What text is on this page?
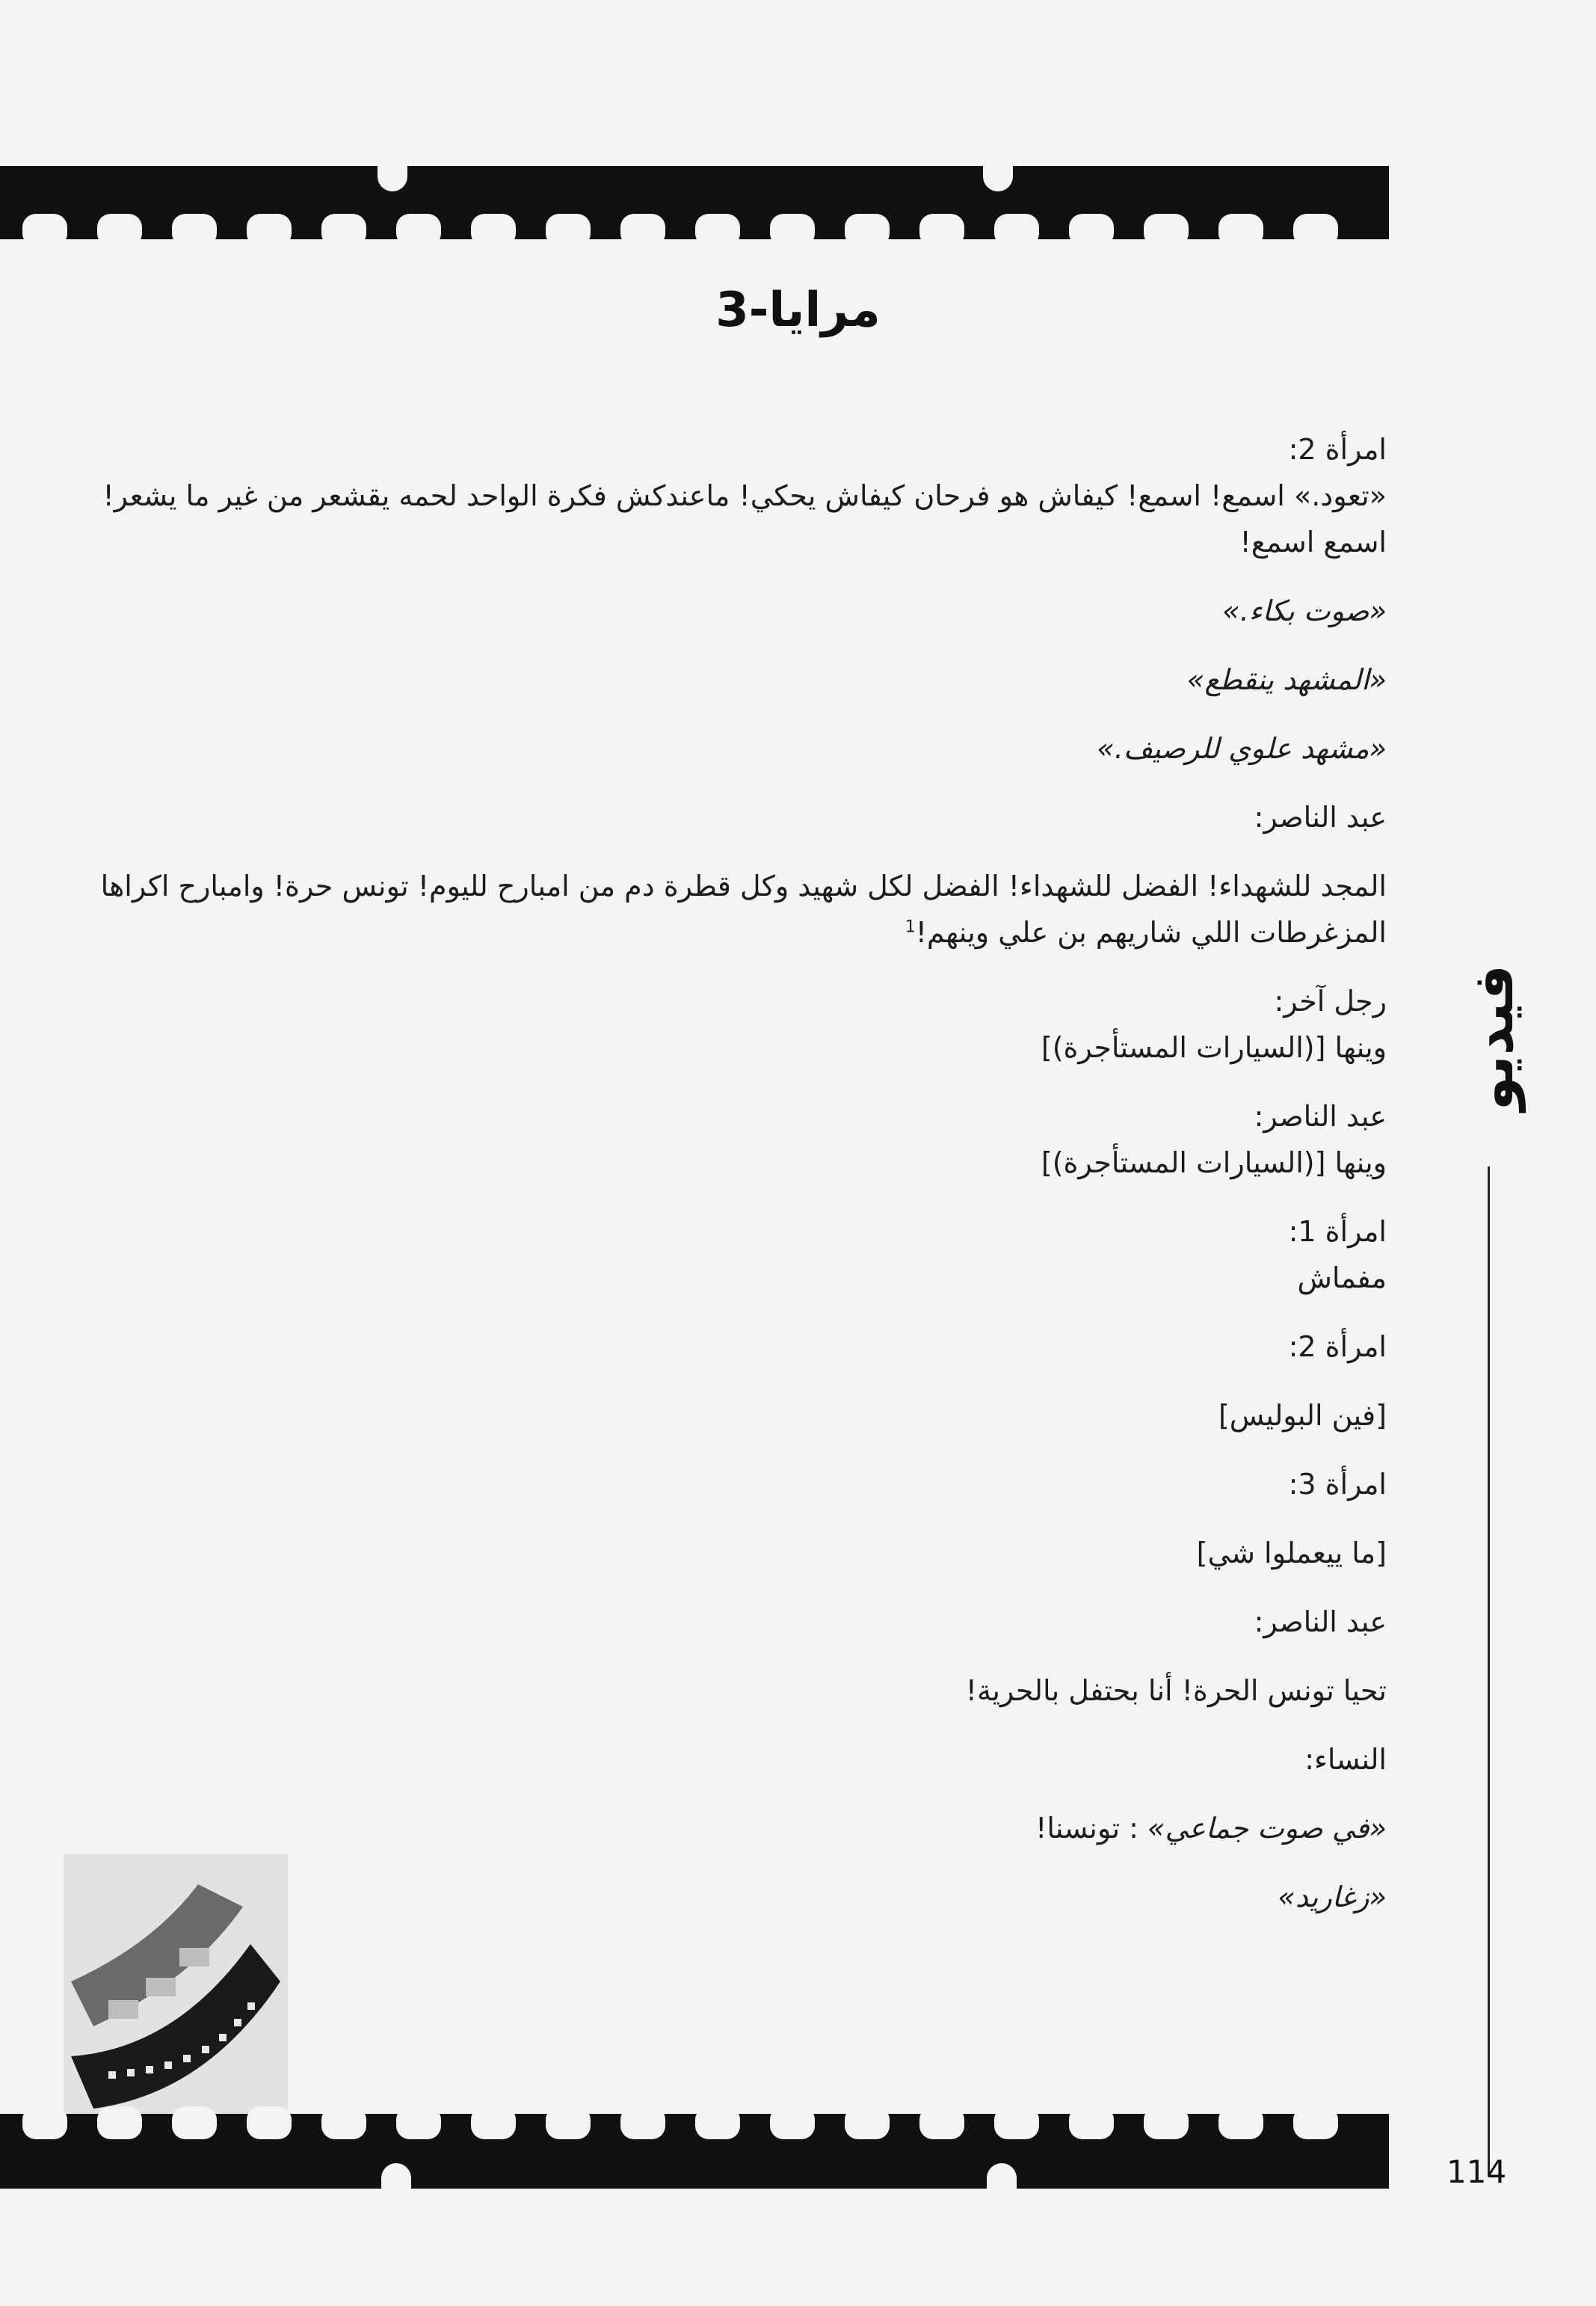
مرايا-3
امرأة 2:
«تعود.» اسمع! اسمع! كيفاش هو فرحان كيفاش يحكي! ماعندكش فكرة الواحد لحمه يقشعر من غير ما يشعر!
اسمع اسمع!
«صوت بكاء.»
«المشهد ينقطع»
«مشهد علوي للرصيف.»
عبد الناصر:
المجد للشهداء! الفضل للشهداء! الفضل لكل شهيد وكل قطرة دم من امبارح لليوم! تونس حرة! وامبارح اكراها
المزغرطات اللي شاريهم بن علي وينهم!$^1$
رجل آخر:
وينها [(السيارات المستأجرة)]
عبد الناصر:
وينها [(السيارات المستأجرة)]
امرأة 1:
مفماش
امرأة 2:
[فين البوليس]
امرأة 3:
[ما ييعملوا شي]
عبد الناصر:
تحيا تونس الحرة! أنا بحتفل بالحرية!
النساء:
«في صوت جماعي» : تونسنا!
«زغاريد»
فيديو
114
